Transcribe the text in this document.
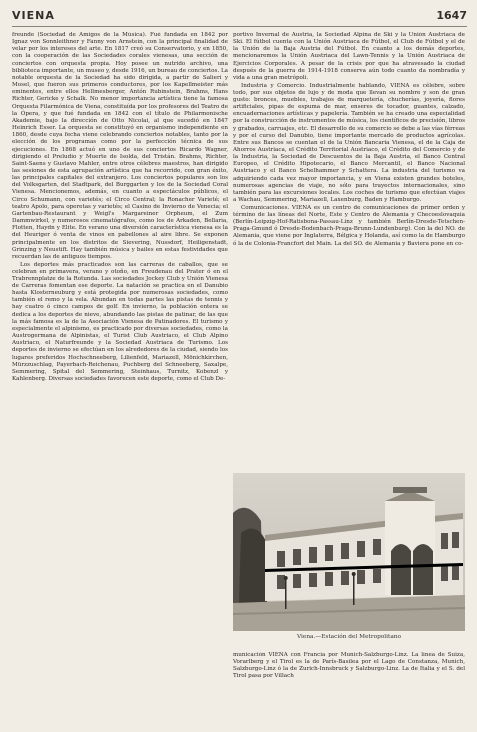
VIENA	1647

freunde (Sociedad de Amigos de la Música). Fué fundada en 1842 por Ignaz von Sonnleithner y Fanny von Arnstein, con la principal finalidad de velar por los intereses del arte. En 1817 creó su Conservatorio, y en 1850, con la cooperación de las Sociedades corales vienesas, una sección de conciertos con orquesta propia. Hoy posee un nutrido archivo, una biblioteca importante, un museo y, desde 1916, un bureau de conciertos. La notable orquesta de la Sociedad ha sido dirigida, a partir de Salieri y Mosel, que fueron sus primeros conductores, por los Kapellmeister más eminentes, entre ellos Hellmesberger, Antón Rubinstein, Brahms, Hans Richter, Gericke y Schalk. No menor importancia artística tiene la famosa Orquesta Filarmónica de Viena, constituída por los profesores del Teatro de la Ópera, y que fué fundada en 1842 con el título de Philarmonische Akademie, bajo la dirección de Otto Nicolai, al que sucedió en 1847 Heinrich Esser. La orquesta se constituyó en organismo independiente en 1860, desde cuya fecha viene celebrando conciertos notables, tanto por la elección de los programas como por la perfección técnica de sus ejecuciones. En 1868 actuó en uno de sus conciertos Ricardo Wagner, dirigiendo el Preludio y Muerte de Isolda, del Tristán. Brahms, Richter, Saint-Saens y Gustavo Mahler, entre otros célebres maestros, han dirigido las sesiones de esta agrupación artística que ha recorrido, con gran éxito, las principales capitales del extranjero. Los conciertos populares son los del Volksgarten, del Stadtpark, del Burggarten y los de la Sociedad Coral Vienesa. Mencionemos, además, en cuanto a espectáculos públicos, el Circo Schumann, con varietés; el Circo Central; la Ronacher Varieté; el teatro Apolo, para operetas y varietés; el Casino de Invierno de Venecia; el Gartenbau-Restaurant y Weigl's Margareiner Orpheum, el Zum Dammwirkel, y numerosos cinematógrafos, como los de Arkaden, Bellaria, Flotten, Haydn y Elite. En verano una diversión característica vienesa es la del Heuriger ó venta de vinos en pabellones al aire libre. Se exponen principalmente en los distritos de Sievering, Nussdorf, Heiligenstadt, Grinzing y Neustift. Hay también música y bailes en estas festividades que recuerdan las de antiguos tiempos.

Los deportes más practicados son las carreras de caballos, que se celebran en primavera, verano y otoño, en Freudenau del Prater ó en el Trabrennplatze de la Rotunda. Las sociedades Jockey Club y Unión Vienesa de Carreras fomentan ese deporte. La natación se practica en el Danubio hasta Klosterneuburg y está protegida por numerosas sociedades, como también el remo y la vela. Abundan en todas partes las pistas de tennis y hay cuatro ó cinco campos de golf. En invierno, la población entera se dedica a los deportes de nieve, abundando las pistas de patinar, de las que la más famosa es la de la Asociación Vienesa de Patinadores. El turismo y especialmente el alpinismo, es practicado por diversas sociedades, como la Austrogermana de Alpinistas, el Turist Club Austriaco, el Club Alpino Austriaco, el Naturfreunde y la Sociedad Austriaca de Turismo. Los deportes de invierno se efectúan en los alrededores de la ciudad, siendo los lugares preferidos Hochschneeberg, Lilienfeld, Mariazell, Mönichkirchen, Mürzzuschlag, Payerbach-Reichenau, Puchberg del Schneeberg, Saxalpe, Semmering, Spital del Semmering, Steinhaus, Turnitz, Kobenzl y Kahlenberg. Diversas sociedades favorecen este deporte, como el Club De-

portivo Invernal de Austria, la Sociedad Alpina de Ski y la Unión Austriaca de Ski. El fútbol cuenta con la Unión Austriaca de Fútbol, el Club de Fútbol y el de la Unión de la Baja Austria del Fútbol. En cuanto a los demás deportes, mencionaremos la Unión Austriaca del Lawn-Tennis y la Unión Austriaca de Ejercicios Corporales. A pesar de la crisis por que ha atravesado la ciudad después de la guerra de 1914-1918 conserva aún todo cuanto da nombradía y vida a una gran metrópoli.

Industria y Comercio. Industrialmente hablando, VIENA es célebre, sobre todo, por sus objetos de lujo y de moda que llevan su nombre y son de gran gusto: bronces, muebles, trabajos de marquetería, chucherías, joyería, flores artificiales, pipas de espuma de mar, enseres de tocador, guantes, calzado, encuadernaciones artísticas y papelería. También se ha creado una especialidad por la construcción de instrumentos de música, los científicos de precisión, libros y grabados, carruajes, etc. El desarrollo de su comercio se debe a las vías férreas y por el curso del Danubio, tiene importante mercado de productos agrícolas. Entre sus Bancos se cuentan el de la Unión Bancaria Vienesa, el de la Caja de Ahorros Austriaca, el Crédito Territorial Austriaco, el Crédito del Comercio y de la Industria, la Sociedad de Descuentos de la Baja Austria, el Banco Central Europeo, el Crédito Hipotecario, el Banco Mercantil, el Banco Nacional Austriaco y el Banco Schelhammer y Schattera. La industria del turismo va adquiriendo cada vez mayor importancia, y en Viena existen grandes hoteles, numerosas agencias de viaje, no sólo para trayectos internacionales, sino también para las excursiones locales. Los coches de turismo que efectúan viajes a Wachau, Semmering, Mariazell, Laxenburg, Baden y Hamburgo.

Comunicaciones. VIENA es un centro de comunicaciones de primer orden y término de las líneas del Norte, Este y Centro de Alemania y Checoeslovaquia (Berlín-Leipzig-Hof-Ratisbona-Passau-Linz y también Berlín-Dresde-Tetschen-Praga-Gmund ó Dresde-Bodenbach-Praga-Brunn-Lundenburg). Con la del NO. de Alemania, que viene por Inglaterra, Bélgica y Holanda, así como la de Hamburgo ó la de Colonia-Francfort del Main. La del SO. de Alemania y Baviera pone en co-

Viena.—Estación del Metropolitano

municación VIENA con Francia por Munich-Salzburgo-Linz. La línea de Suiza, Vorarlberg y el Tirol es la de París-Basilea por el Lago de Constanza, Munich, Salzburgo-Linz ó la de Zurich-Innsbruck y Salzburgo-Linz. La de Italia y el S. del Tirol pasa por Villach
